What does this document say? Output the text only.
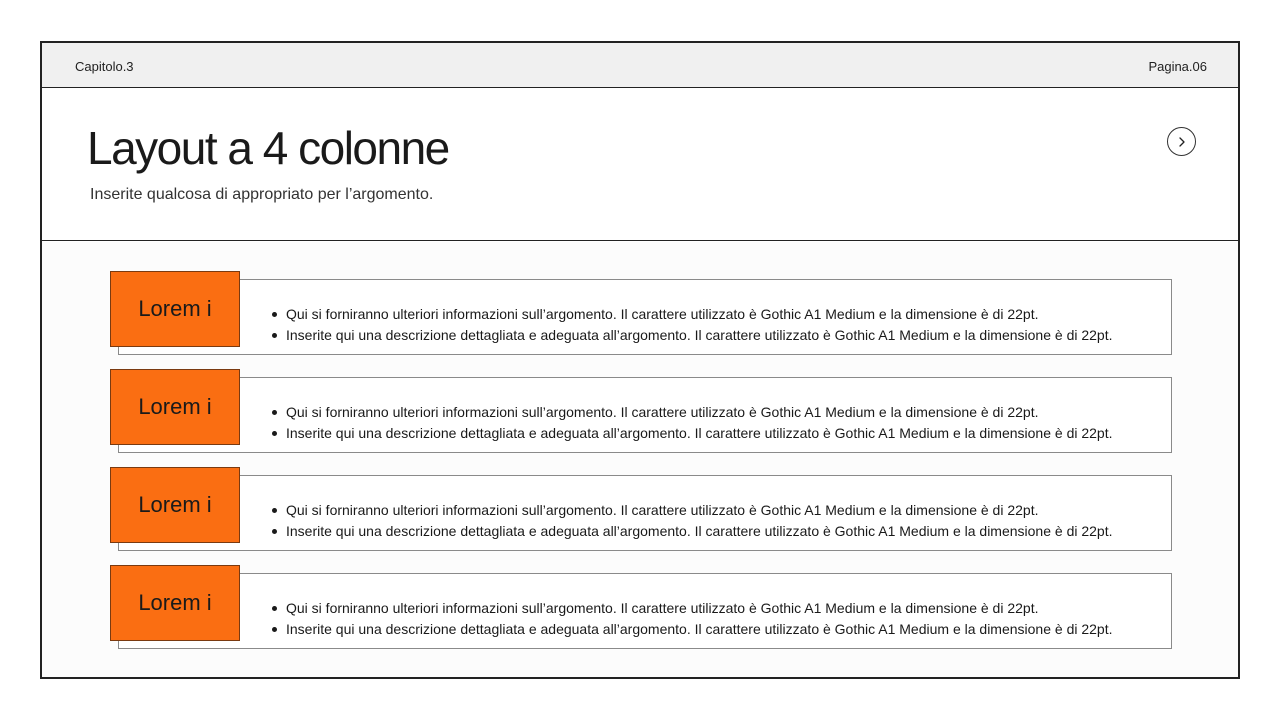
Capitolo.3	Pagina.06
Layout a 4 colonne
Inserite qualcosa di appropriato per l’argomento.
Qui si forniranno ulteriori informazioni sull’argomento. Il carattere utilizzato è Gothic A1 Medium e la dimensione è di 22pt.
Inserite qui una descrizione dettagliata e adeguata all’argomento. Il carattere utilizzato è Gothic A1 Medium e la dimensione è di 22pt.
Lorem i
Qui si forniranno ulteriori informazioni sull’argomento. Il carattere utilizzato è Gothic A1 Medium e la dimensione è di 22pt.
Inserite qui una descrizione dettagliata e adeguata all’argomento. Il carattere utilizzato è Gothic A1 Medium e la dimensione è di 22pt.
Lorem i
Qui si forniranno ulteriori informazioni sull’argomento. Il carattere utilizzato è Gothic A1 Medium e la dimensione è di 22pt.
Inserite qui una descrizione dettagliata e adeguata all’argomento. Il carattere utilizzato è Gothic A1 Medium e la dimensione è di 22pt.
Lorem i
Qui si forniranno ulteriori informazioni sull’argomento. Il carattere utilizzato è Gothic A1 Medium e la dimensione è di 22pt.
Inserite qui una descrizione dettagliata e adeguata all’argomento. Il carattere utilizzato è Gothic A1 Medium e la dimensione è di 22pt.
Lorem i
